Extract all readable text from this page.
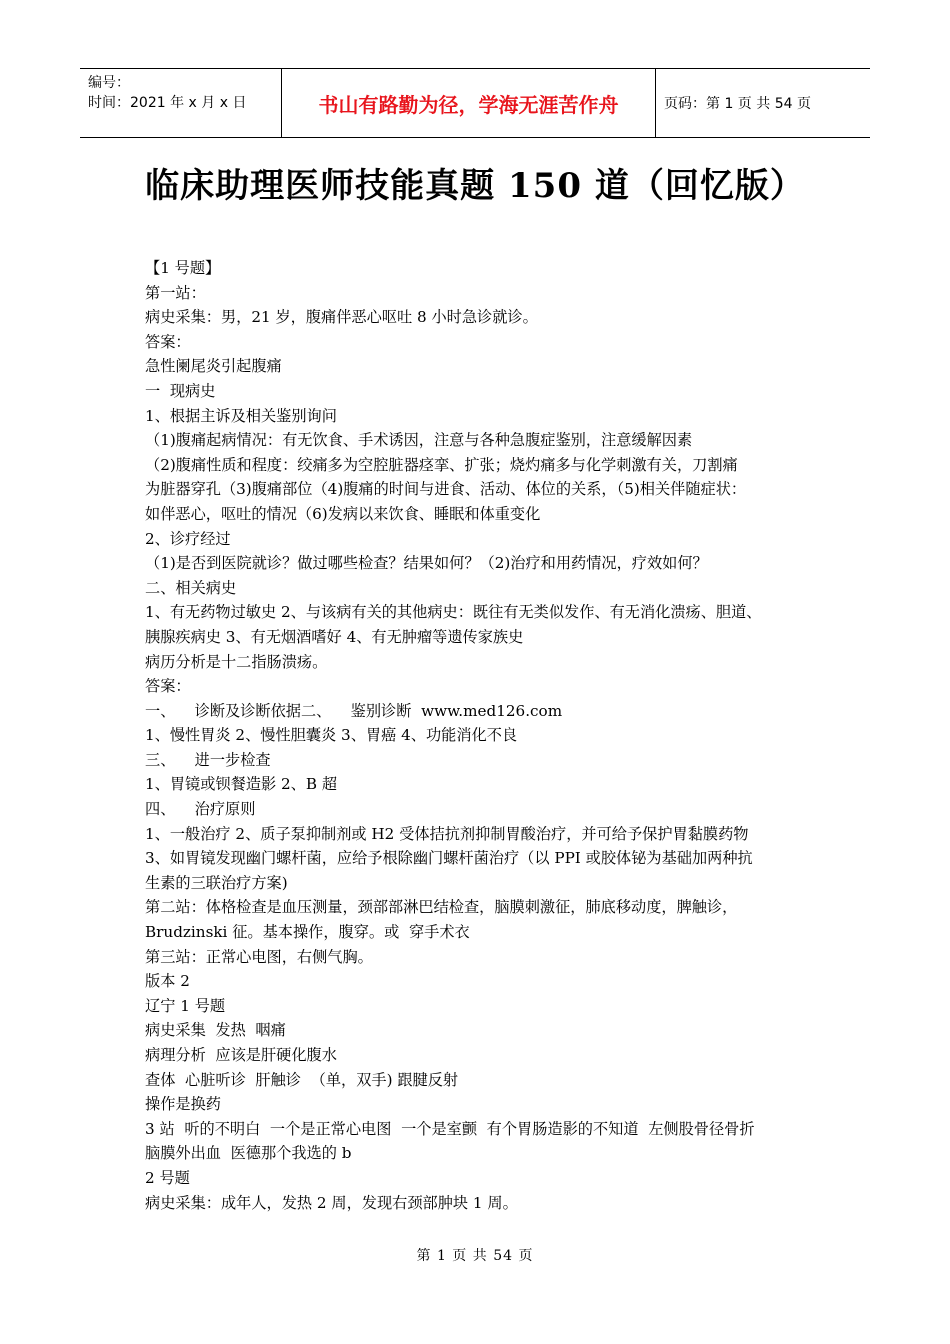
编号：
时间：2021 年 x 月 x 日	书山有路勤为径，学海无涯苦作舟	页码：第 1 页 共 54 页
临床助理医师技能真题 150 道（回忆版）

【1 号题】

第一站：

病史采集：男，21 岁，腹痛伴恶心呕吐 8 小时急诊就诊。

答案：

急性阑尾炎引起腹痛

一  现病史

1、根据主诉及相关鉴别询问

（1)腹痛起病情况：有无饮食、手术诱因，注意与各种急腹症鉴别，注意缓解因素

（2)腹痛性质和程度：绞痛多为空腔脏器痉挛、扩张；烧灼痛多与化学刺激有关，刀割痛

为脏器穿孔（3)腹痛部位（4)腹痛的时间与进食、活动、体位的关系，（5)相关伴随症状：

如伴恶心，呕吐的情况（6)发病以来饮食、睡眠和体重变化

2、诊疗经过

（1)是否到医院就诊？做过哪些检查？结果如何？（2)治疗和用药情况，疗效如何？

二、相关病史

1、有无药物过敏史 2、与该病有关的其他病史：既往有无类似发作、有无消化溃疡、胆道、

胰腺疾病史 3、有无烟酒嗜好 4、有无肿瘤等遗传家族史

病历分析是十二指肠溃疡。

答案：

一、    诊断及诊断依据二、    鉴别诊断  www.med126.com

1、慢性胃炎 2、慢性胆囊炎 3、胃癌 4、功能消化不良

三、    进一步检查

1、胃镜或钡餐造影 2、B 超

四、    治疗原则

1、一般治疗 2、质子泵抑制剂或 H2 受体拮抗剂抑制胃酸治疗，并可给予保护胃黏膜药物

3、如胃镜发现幽门螺杆菌，应给予根除幽门螺杆菌治疗（以 PPI 或胶体铋为基础加两种抗

生素的三联治疗方案)

第二站：体格检查是血压测量，颈部部淋巴结检查，脑膜刺激征，肺底移动度，脾触诊，

Brudzinski 征。基本操作，腹穿。或  穿手术衣

第三站：正常心电图，右侧气胸。

版本 2

辽宁 1 号题

病史采集  发热  咽痛

病理分析  应该是肝硬化腹水

查体  心脏听诊  肝触诊  （单，双手) 跟腱反射

操作是换药

3 站  听的不明白  一个是正常心电图  一个是室颤  有个胃肠造影的不知道  左侧股骨径骨折

脑膜外出血  医德那个我选的 b

2 号题

病史采集：成年人，发热 2 周，发现右颈部肿块 1 周。

第 1 页 共 54 页
